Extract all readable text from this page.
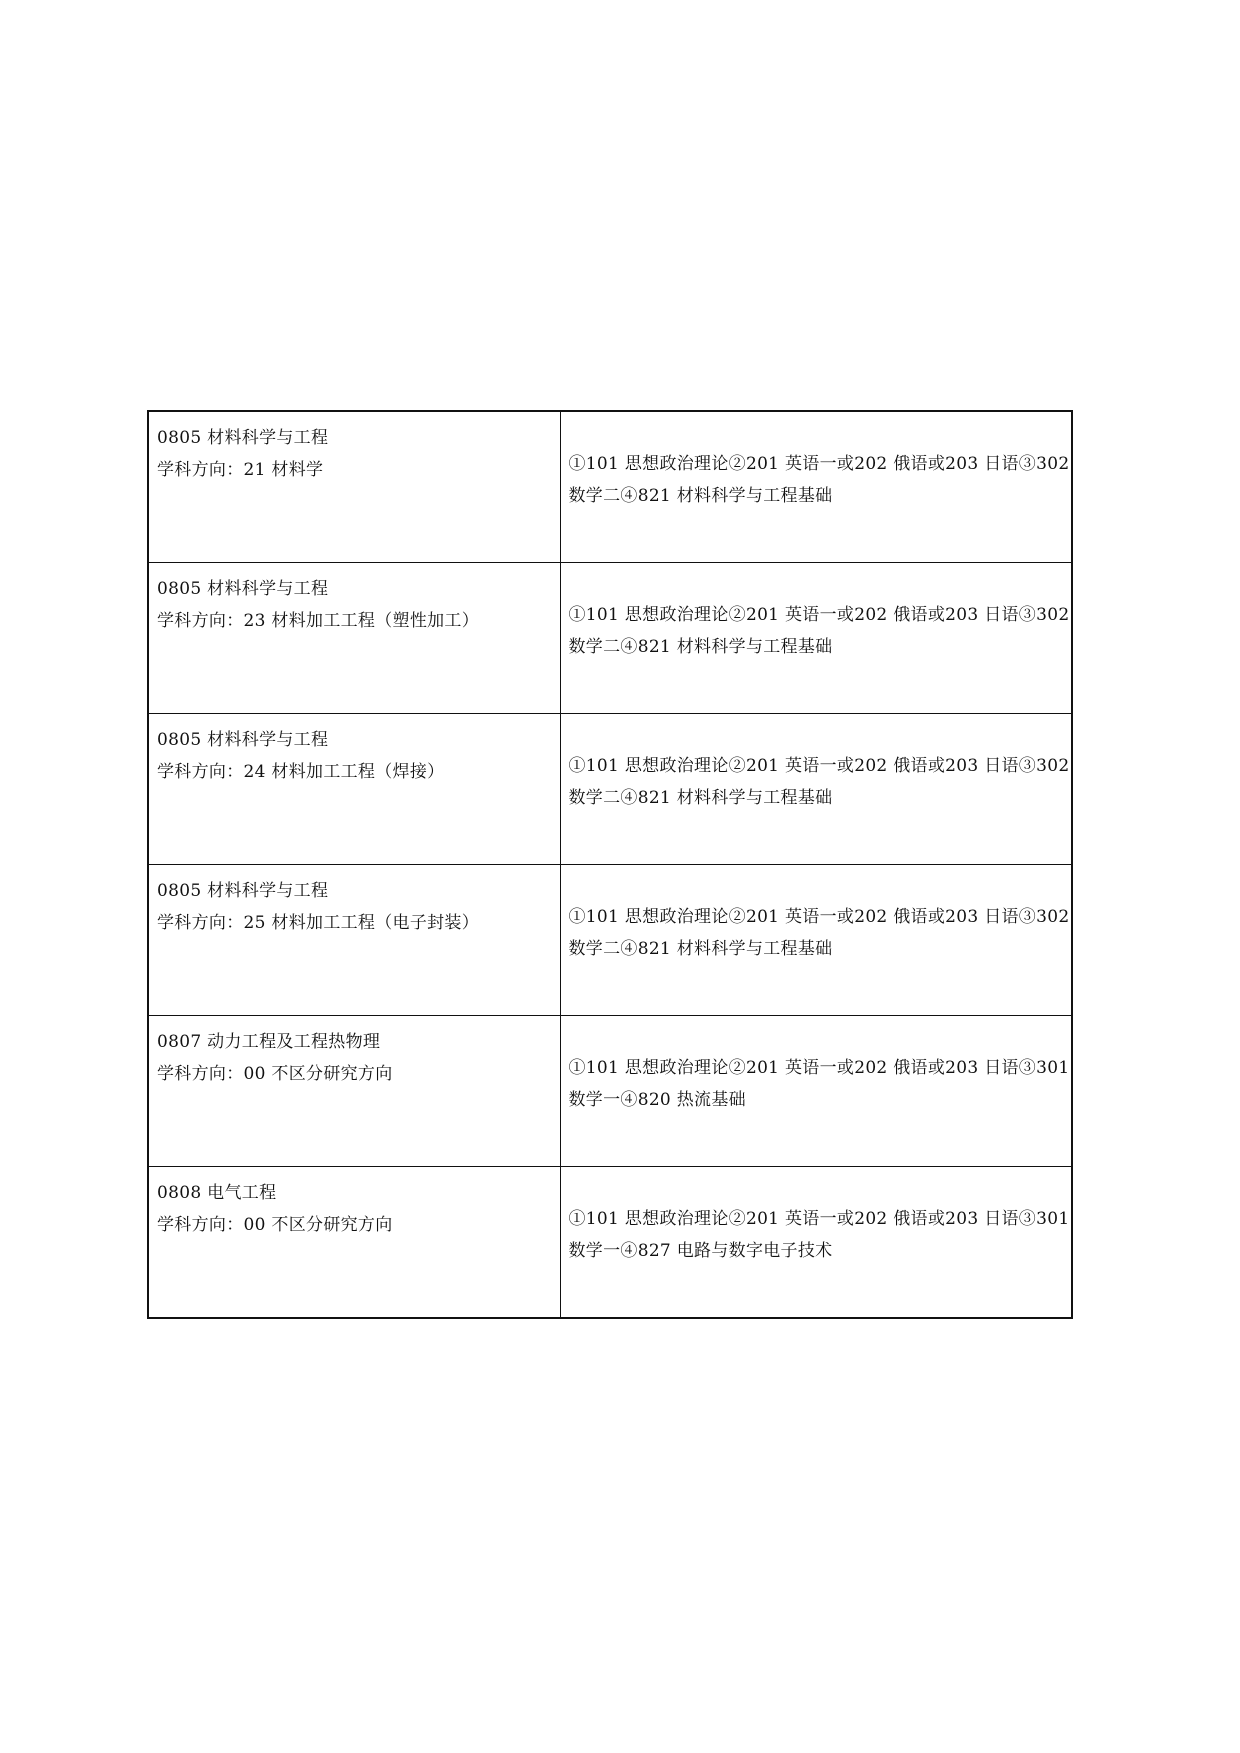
0805 材料科学与工程
学科方向：21 材料学	①101 思想政治理论②201 英语一或202 俄语或203 日语③302
数学二④821 材料科学与工程基础

0805 材料科学与工程
学科方向：23 材料加工工程（塑性加工）	①101 思想政治理论②201 英语一或202 俄语或203 日语③302
数学二④821 材料科学与工程基础

0805 材料科学与工程
学科方向：24 材料加工工程（焊接）	①101 思想政治理论②201 英语一或202 俄语或203 日语③302
数学二④821 材料科学与工程基础

0805 材料科学与工程
学科方向：25 材料加工工程（电子封装）	①101 思想政治理论②201 英语一或202 俄语或203 日语③302
数学二④821 材料科学与工程基础

0807 动力工程及工程热物理
学科方向：00 不区分研究方向	①101 思想政治理论②201 英语一或202 俄语或203 日语③301
数学一④820 热流基础

0808 电气工程
学科方向：00 不区分研究方向	①101 思想政治理论②201 英语一或202 俄语或203 日语③301
数学一④827 电路与数字电子技术
